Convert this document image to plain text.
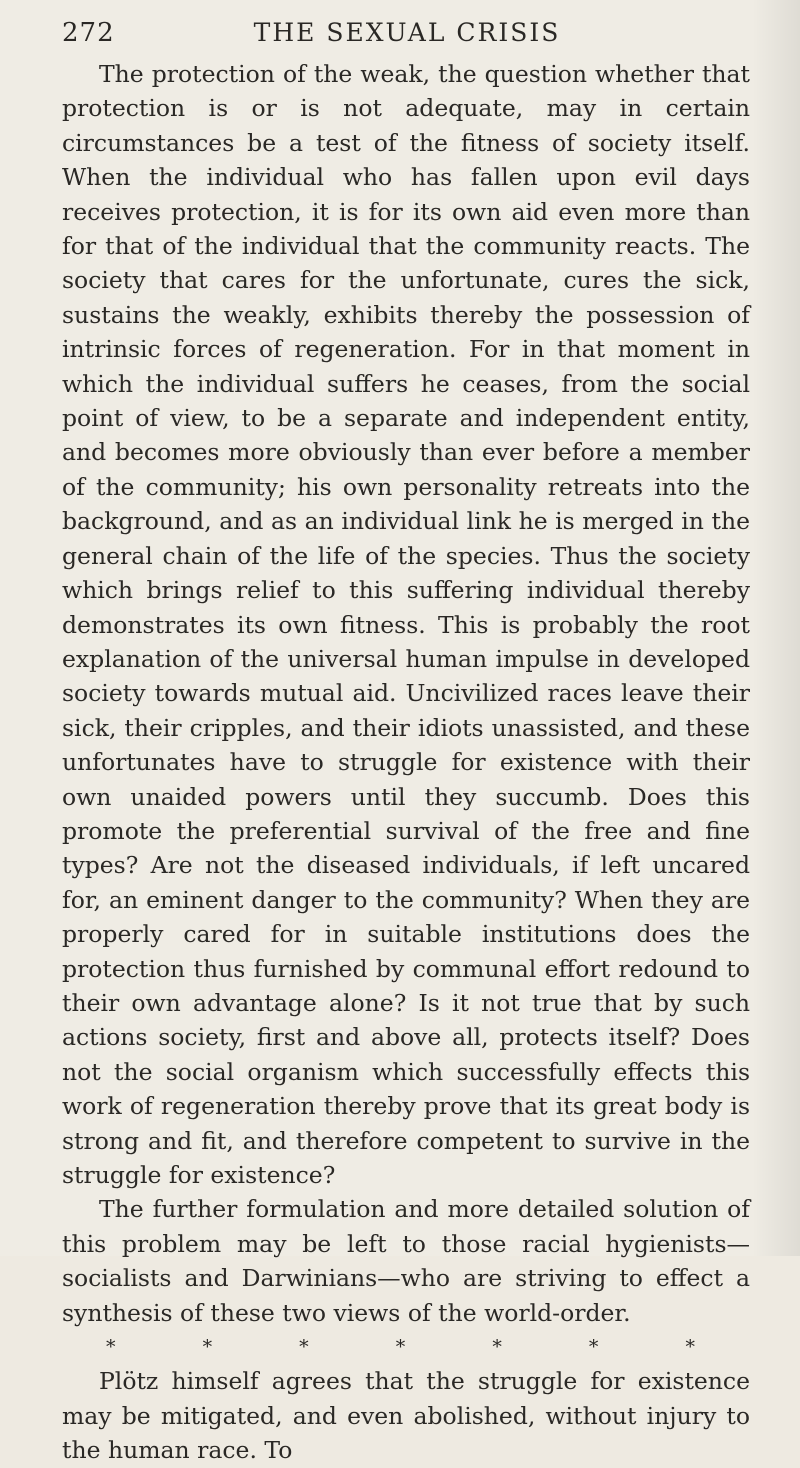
272	THE SEXUAL CRISIS

The protection of the weak, the question whether that protection is or is not adequate, may in certain circumstances be a test of the fitness of society itself. When the individual who has fallen upon evil days receives protection, it is for its own aid even more than for that of the individual that the community reacts. The society that cares for the unfortunate, cures the sick, sustains the weakly, exhibits thereby the possession of intrinsic forces of regeneration. For in that moment in which the individual suffers he ceases, from the social point of view, to be a separate and independent entity, and becomes more obviously than ever before a member of the community; his own personality retreats into the background, and as an individual link he is merged in the general chain of the life of the species. Thus the society which brings relief to this suffering individual thereby demonstrates its own fitness. This is probably the root explanation of the universal human impulse in developed society towards mutual aid. Uncivilized races leave their sick, their cripples, and their idiots unassisted, and these unfortunates have to struggle for existence with their own unaided powers until they succumb. Does this promote the preferential survival of the free and fine types? Are not the diseased individuals, if left uncared for, an eminent danger to the community? When they are properly cared for in suitable institutions does the protection thus furnished by communal effort redound to their own advantage alone? Is it not true that by such actions society, first and above all, protects itself? Does not the social organism which successfully effects this work of regeneration thereby prove that its great body is strong and fit, and therefore competent to survive in the struggle for existence?

The further formulation and more detailed solution of this problem may be left to those racial hygienists—socialists and Darwinians—who are striving to effect a synthesis of these two views of the world-order.

*	*	*	*	*	*	*

Plötz himself agrees that the struggle for existence may be mitigated, and even abolished, without injury to the human race. To
